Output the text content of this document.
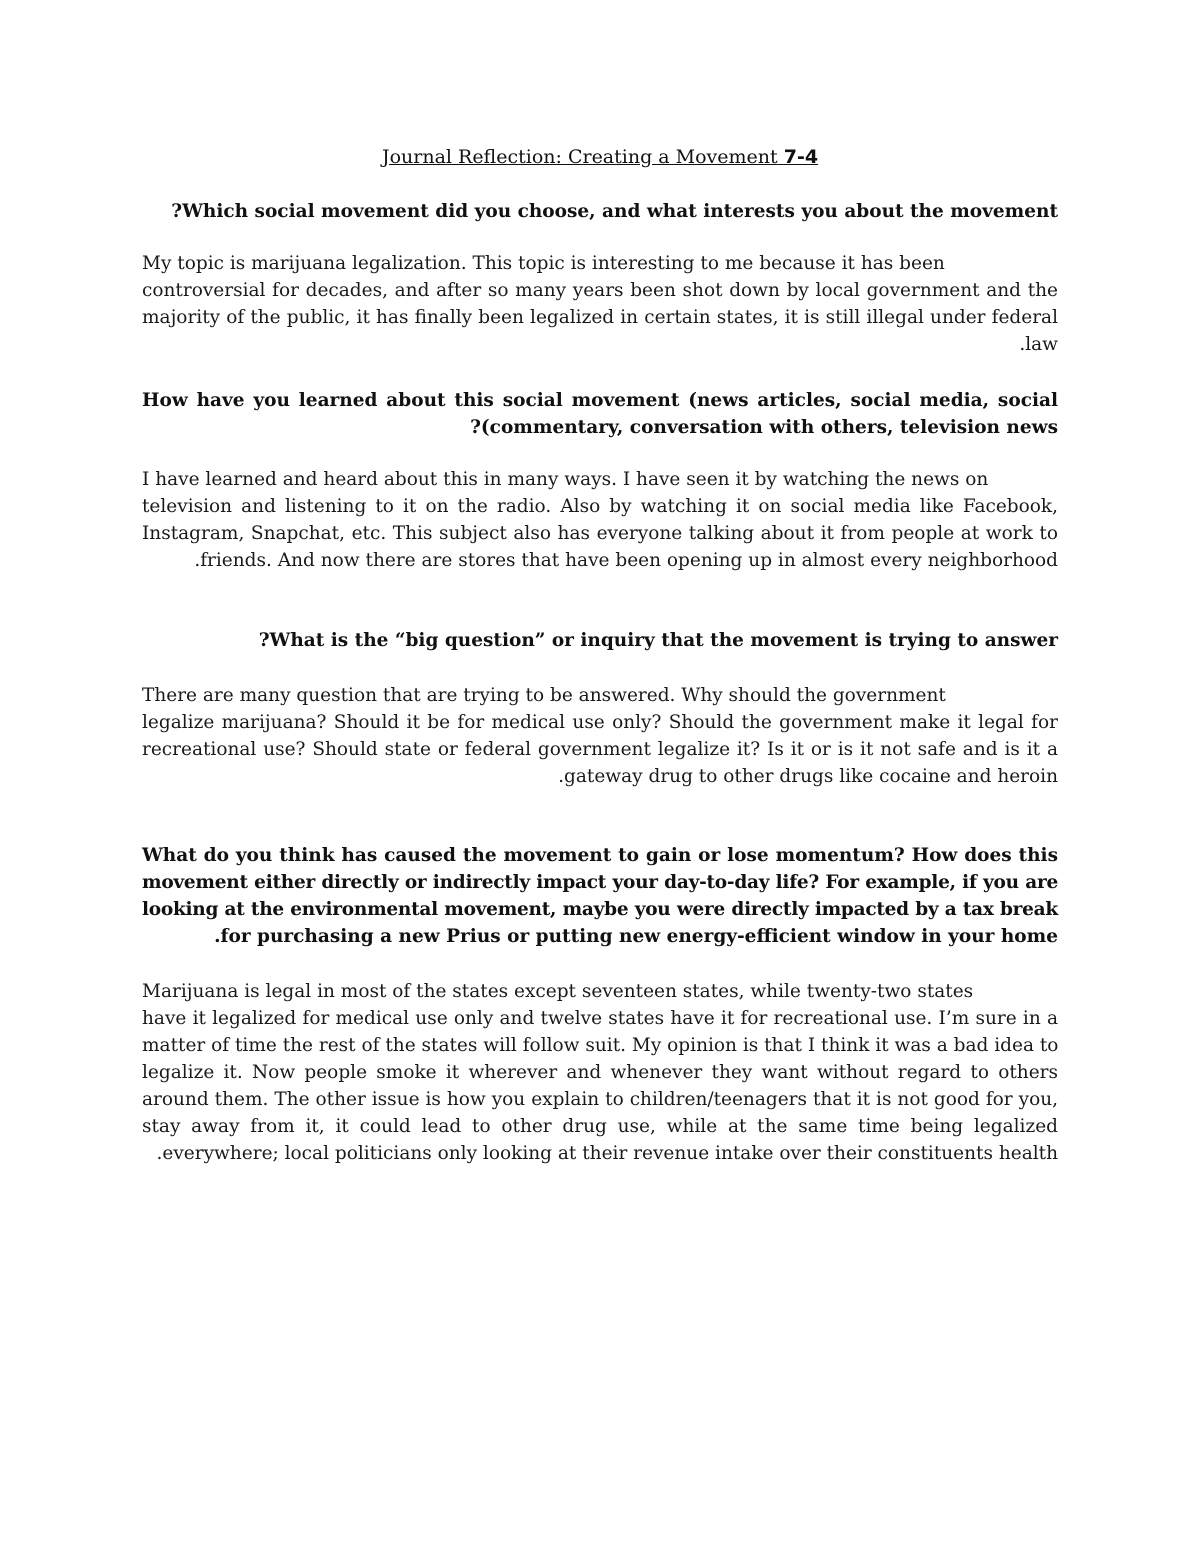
Journal Reflection: Creating a Movement 7-4
?Which social movement did you choose, and what interests you about the movement
My topic is marijuana legalization. This topic is interesting to me because it has been
controversial for decades, and after so many years been shot down by local government and the
majority of the public, it has finally been legalized in certain states, it is still illegal under federal
.law
How have you learned about this social movement (news articles, social media, social
?(commentary, conversation with others, television news
I have learned and heard about this in many ways. I have seen it by watching the news on
television and listening to it on the radio. Also by watching it on social media like Facebook,
Instagram, Snapchat, etc. This subject also has everyone talking about it from people at work to
.friends. And now there are stores that have been opening up in almost every neighborhood
?What is the “big question” or inquiry that the movement is trying to answer
There are many question that are trying to be answered. Why should the government
legalize marijuana? Should it be for medical use only? Should the government make it legal for
recreational use? Should state or federal government legalize it? Is it or is it not safe and is it a
.gateway drug to other drugs like cocaine and heroin
What do you think has caused the movement to gain or lose momentum? How does this
movement either directly or indirectly impact your day-to-day life? For example, if you are
looking at the environmental movement, maybe you were directly impacted by a tax break
.for purchasing a new Prius or putting new energy-efficient window in your home
Marijuana is legal in most of the states except seventeen states, while twenty-two states
have it legalized for medical use only and twelve states have it for recreational use. I’m sure in a
matter of time the rest of the states will follow suit. My opinion is that I think it was a bad idea to
legalize it. Now people smoke it wherever and whenever they want without regard to others
around them. The other issue is how you explain to children/teenagers that it is not good for you,
stay away from it, it could lead to other drug use, while at the same time being legalized
.everywhere; local politicians only looking at their revenue intake over their constituents health
